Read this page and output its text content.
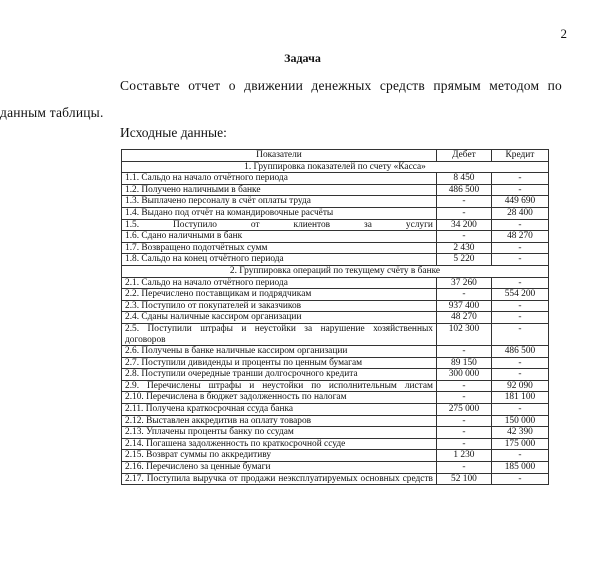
2
Задача
Составьте отчет о движении денежных средств прямым методом по
данным таблицы.
Исходные данные:
Показатели	Дебет	Кредит
1. Группировка показателей по счету «Касса»		
1.1. Сальдо на начало отчётного периода	8 450	-
1.2. Получено наличными в банке	486 500	-
1.3. Выплачено персоналу в счёт оплаты труда	-	449 690
1.4. Выдано под отчёт на командировочные расчёты	-	28 400
1.5. Поступило от клиентов за услуги	34 200	-
1.6. Сдано наличными в банк	-	48 270
1.7. Возвращено подотчётных сумм	2 430	-
1.8. Сальдо на конец отчётного периода	5 220	-
2. Группировка операций по текущему счёту в банке		
2.1. Сальдо на начало отчётного периода	37 260	-
2.2. Перечислено поставщикам и подрядчикам	-	554 200
2.3. Поступило от покупателей и заказчиков	937 400	-
2.4. Сданы наличные кассиром организации	48 270	-
2.5. Поступили штрафы и неустойки за нарушение хозяйственных договоров	102 300	-
2.6. Получены в банке наличные кассиром организации	-	486 500
2.7. Поступили дивиденды и проценты по ценным бумагам	89 150	-
2.8. Поступили очередные транши долгосрочного кредита	300 000	-
2.9. Перечислены штрафы и неустойки по исполнительным листам	-	92 090
2.10. Перечислена в бюджет задолженность по налогам	-	181 100
2.11. Получена краткосрочная ссуда банка	275 000	-
2.12. Выставлен аккредитив на оплату товаров	-	150 000
2.13. Уплачены проценты банку по ссудам	-	42 390
2.14. Погашена задолженность по краткосрочной ссуде	-	175 000
2.15. Возврат суммы по аккредитиву	1 230	-
2.16. Перечислено за ценные бумаги	-	185 000
2.17. Поступила выручка от продажи неэксплуатируемых основных средств	52 100	-
